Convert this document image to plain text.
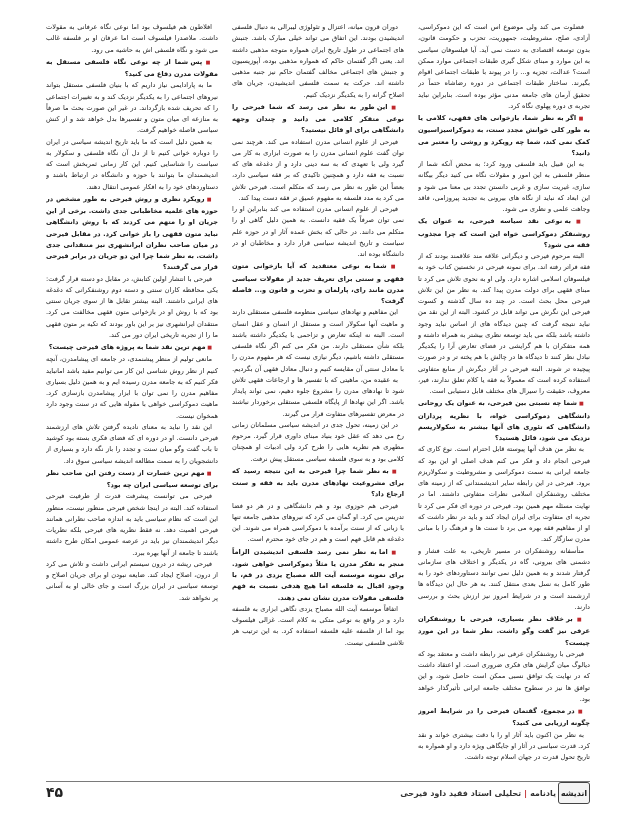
فضلوت می کند ولی موضوع اس است که این دموکراسی، آزادی، صلح، مشروطیت، جمهوریت، تحزب و حکومت قانون، بدون توسعه اقتصادی به دست نمی آید. آیا فیلسوفان سیاسی به این موارد و مبنای شکل گیری طبقات اجتماعی موارد ممکن است؟ عدالت، تجزیه و... را در پیوند با طبقات اجتماعی اقوام بگیرند. ساختار طبقات اجتماعی در دوره رضاشاه حتماً در تحقیق آرمان های جامعه مدنی مؤثر بوده است. بنابراین نباید تجربه ی دوره پهلوی نگاه کرد.

■ اگر به نظر شما، بازخوانی های فقهی، کلامی یا به طور کلی خوانش مجدد سنت، به دموکراسیزاسیون کمک نمی کند، شما چه رویکرد و روشی را معتبر می دانید؟

به این قبیل باید فلسفی ورود کرد؛ به محض آنکه شما از منظر فلسفی به این امور و مقولات نگاه می کنید دیگر بیگانه سازی، غیریت سازی و غربی دانستن تجدد بی معنا می شود و این ابعاد که نباید از نگاه های بیرونی به تجدید پیروزامی، فاقد وجاهت علمی و نظری می شود.

■ به نوعی نقد سیاسه فیرحی، به عنوان یک روشنفکر دموکراسی خواه این است که چرا مجذوب فقه می شود؟

البته مرحوم فیرحی و دیگرانی علاقه مند علاقمند بودند که از فقه فراتر رفته اند. برای نمونه فیرحی در نخستین کتاب خود به فیلسوفان اسلامی اشاره دارد. ولی او به نحوی تلاش می کرد تا مبنای فقهی برای دولت مدرن پیدا کند. به نظر من این تلاش فیرحی محل بحث است. در چند ده سال گذشته و کسوت فیرحی این نگرش می تواند قابل در کشود. البته از این نقد من نباید نتیجه گرفت که چنین دیدگاه های از اساس نباید وجود داشته باشد بلکه می باید توسعه نظری بیشتر به همراه داشته و همه متفکران با هم گرایشی در فضای تعارض آرا را یکدیگر نبادل نظر کنند تا دیدگاه ها در چالش با هم پخته تر و در صورت پیچیده تر شوند. البته فیرحی در آثار دیگرش از منابع متفاوتی استفاده کرده است که معمولاً به فقه یا کلام تعلق ندارند، فیر، معروف، حقیقت را سیرال های مختلف قابل دستیابی است.

■ شما چه نسبتی بین فیرحی، به عنوان یک روحانی دانشگاهی دموکراسی خواه، با نظریه پردازان دانشگاهی که تئوری های آنها بیشتر به سکولاریسم نزدیک می شود، قائل هستید؟

به نظر من هدف آنها پیوسته قابل احترام است. نوع کاری که فیرحی انجام داد و فکر می کنم هدف اصلی او این بود که جامعه ایرانی به سمت دموکراسی و مشروطیت و سکولاریزم برود. فیرحی در این رابطه سایر اندیشمندانی که از زمینه های مختلف روشنفکران اسلامی نظرات متفاوتی داشتند. اما در نهایت مسئله مهم همین بود. فیرحی در دوره ای فکر می کرد تا تجربه ای متفاوت برای ایران ایجاد کند و باید در نظر داشت که او از مفاهیم فقه بهره می برد تا سنت ها و فرهنگ را با مبانی مدرن سازگار کند.

متأسفانه روشنفکران در مسیر تاریخی، به علت فشار و دشمنی های بیرونی، گاه در یکدیگر و اختلاف های سازمانی گرفتار شدند و به همین دلیل نمی توانند دستاوردهای خود را به طور کامل به نسل بعدی منتقل کنند. به هر حال این دیدگاه ها ارزشمند است و در شرایط امروز نیز ارزش بحث و بررسی دارند.

■ بر خلاف نظر بسیاری، فیرحی با روشنفکران عرفی نیز گفت وگو داشت. نظر شما در این مورد چیست؟

فیرحی با روشنفکران عرفی نیز رابطه داشت و معتقد بود که دیالوگ میان گرایش های فکری ضروری است. او اعتقاد داشت که در نهایت یک توافق نسبی ممکن است حاصل شود، و این توافق ها نیز در سطوح مختلف جامعه ایرانی تأثیرگذار خواهد بود.

■ در مجموع، گفتمان فیرحی را در شرایط امروز چگونه ارزیابی می کنید؟

به نظر من اکنون باید آثار او را با دقت بیشتری خواند و نقد کرد. قدرت سیاسی در آثار او جایگاهی ویژه دارد و او همواره به تاریخ تحول قدرت در جهان اسلام توجه داشت.

دوران قرون میانه، اعتزال و تئولوژی لیبرالی به دنبال فلسفی اندیشیدن بودند. این اتفاق می تواند خیلی مبارک باشد. جنبش های اجتماعی در طول تاریخ ایران همواره متوجه مذهبی داشته اند. یعنی اگر گفتمان حاکم که همواره مذهبی بوده، آپوزیسیون و جنبش های اجتماعی مخالف گفتمان حاکم نیز جنبه مذهبی داشته اند. حرکت به سمت فلسفی اندیشیدن، جریان های اصلاح گرانه را به یکدیگر نزدیک کنیم.

■ این طور به نظر می رسد که شما فیرحی را نوعی متفکر کلامی می دانید و چندان وجهه دانشگاهی برای او قائل نیستید؟

فیرحی از علوم انسانی مدرن استفاده می کند. هرچند نمی توان گفت علوم انسانی مدرن را به صورت ابزاری به کار می گیرد ولی با تعهدی که به سه دینی دارد و از دغدغه های که نسبت به فقه دارد و همچنین تاکیدی که بر فقه سیاسی دارد، بعضاً این طور به نظر می رسد که متکلم است. فیرحی تلاش می کرد به مدد فلسفه به مفهوم عمیق تر فقه دست پیدا کند.

فیرحی از علوم انسانی مدرن استفاده می کند بنابراین او را نمی توان صرفاً یک فقیه دانست. به همین دلیل گاهی او را متکلم می دانند. در حالی که بخش عمده آثار او در حوزه علم سیاست و تاریخ اندیشه سیاسی قرار دارد و مخاطبان او در دانشگاه بوده اند.

■ شما به نوعی معتقدید که آیا بازخوانی متون فقهی و سنتی برای تعریف جدید از مقولات سیاسی مدرن مانند رای، پارلمان و تحزب و قانون و... فاصله گرفت؟

این مفاهیم و نهادهای سیاسی منظومه فلسفی مستقلی دارند و ماهیت آنها سکولار است و مستقل از انسان و عقل انسان است. البته نه اینکه تعارض و تزاحمی با یکدیگر داشته باشند بلکه شأن مستقلی دارند. من فکر می کنم اگر نگاه فلسفی مستقلی داشته باشیم، دیگر نیازی نیست که هر مفهوم مدرن را با معادل سنتی آن مقایسه کنیم و دنبال معادل فقهی آن بگردیم.

به عقیده من، ماهیتی که با تفسیر ها و ارجاعات فقهی تلاش شود تا نهادهای مدرن را مشروع جلوه دهیم، نمی تواند پایدار باشد. اگر این نهادها از پایگاه فلسفی مستقلی برخوردار نباشند در معرض تفسیرهای متفاوت قرار می گیرند.

در این زمینه، تحول جدی در اندیشه سیاسی مسلمانان زمانی رخ می دهد که عقل خود بنیاد مبنای داوری قرار گیرد. مرحوم مطهری هم نظریه هایی را طرح کرد ولی ادبیات او همچنان کلامی بود و به سوی فلسفه سیاسی مستقل پیش نرفت.

■ به نظر شما چرا فیرحی به این نتیجه رسید که برای مشروعیت نهادهای مدرن باید به فقه و سنت ارجاع داد؟

فیرحی هم حوزوی بود و هم دانشگاهی و در هر دو فضا تدریس می کرد. او گمان می کرد که نیروهای مذهبی جامعه تنها با زبانی که از سنت برآمده با دموکراسی همراه می شوند. این دغدغه هم قابل فهم است و هم در جای خود محترم است.

■ اما به نظر نمی رسد فلسفی اندیشیدن الزاماً منجر به نفکر مدرن یا مثلاً دموکراسی خواهی شود. برای نمونه موسسه آیت الله مصباح یزدی در قم، با وجود اقبال به فلسفه اما هیچ هدفی نسبت به فهم فلسفی مقولات مدرن نشان نمی دهند.

اتفاقاً موسسه آیت الله مصباح یزدی نگاهی ابزاری به فلسفه دارد و در واقع به نوعی متکی به کلام است. غزالی فیلسوف بود اما از فلسفه علیه فلسفه استفاده کرد. به این ترتیب هر تلاشی فلسفی نیست.

افلاطون هم فیلسوف بود اما نوعی نگاه عرفانی به مقولات داشت. ملاصدرا فیلسوف است اما عرفان او بر فلسفه غالب می شود و نگاه فلسفی اش به حاشیه می رود.

■ پس شما از چه نوعی نگاه فلسفی مستقل به مقولات مدرن دفاع می کنید؟

ما به پارادایمی نیاز داریم که با بنیان فلسفی مستقل بتواند نیروهای اجتماعی را به یکدیگر نزدیک کند و به تغییرات اجتماعی را که تحریف شده بازگرداند. در غیر این صورت بحث ما صرفاً به منازعه ای میان متون و تفسیرها بدل خواهد شد و از کنش سیاسی فاصله خواهیم گرفت.

به همین دلیل است که ما باید تاریخ اندیشه سیاسی در ایران را دوباره خوانی کنیم تا از دل آن نگاه فلسفی و سکولار به سیاست را شناسایی کنیم. این کار زمانی ثمربخش است که اندیشمندان ما بتوانند با حوزه و دانشگاه در ارتباط باشند و دستاوردهای خود را به افکار عمومی انتقال دهند.

■ رویکرد نظری و روش فیرحی به طور مشخص در حوزه های علمیه مخاطبانی جدی داشت. برخی از این جریان او را متهم می کردند که با روش دانشگاهی نباید متون فقهی را باز خوانی کرد. در مقابل فیرحی در میان صاحب نظران ایرانشهری نیز منتقدانی جدی داشت. به نظر شما چرا این دو جریان در برابر فیرحی قرار می گرفتند؟

فیرحی با انتشار اولین کتابش، در مقابل دو دسته قرار گرفت: یکی محافظه کاران سنتی و دسته دوم روشنفکرانی که دغدغه های ایرانی داشتند. البته بیشتر تقابل ها از سوی جریان سنتی بود که با روش او در بازخوانی متون فقهی مخالفت می کرد. منتقدان ایرانشهری نیز بر این باور بودند که تکیه بر متون فقهی ما را از تجربه تاریخی ایران دور می کند.

■ مهم ترین نقد شما به پروژه های فیرحی چیست؟

مانعی تولیم از منظر پیشنمدی، در جامعه ای پیشامدرن، آنچه کنیم از نظر روش شناسی این کار می توانیم مفید باشد امانباید فکر کنیم که به جامعه مدرن رسیده ایم و به همین دلیل بسیاری مفاهیم مدرن را نمی توان با ابزار پیشامدرن بازسازی کرد. ماهیت دموکراسی خواهی با مقوله هایی که در سنت وجود دارد همخوان نیست.

این نقد را نباید به معنای نادیده گرفتن تلاش های ارزشمند فیرحی دانست. او در دوره ای که فضای فکری بسته بود کوشید تا باب گفت وگو میان سنت و تجدد را باز نگه دارد و بسیاری از دانشجویان را به سمت مطالعه اندیشه سیاسی سوق داد.

■ مهم ترین خسارت از دست رفتن این صاحب نظر برای توسعه سیاسی ایران چه بود؟

فیرحی می توانست پیشرفت قدرت از طرفیت فیرحی استفاده کند. البته در اینجا شخص فیرحی منظور نیست، منظور این است که نظام سیاسی باید به اندازه صاحب نظرانی همانند فیرحی اهمیت دهد. نه فقط نظریه های فیرحی بلکه نظریات دیگر اندیشمندان نیز باید در عرصه عمومی امکان طرح داشته باشند تا جامعه از آنها بهره ببرد.

فیرحی ریشه در درون سیستم ایرانی داشت و تلاش می کرد از درون، اصلاح ایجاد کند. ضایعه نبودن او برای جریان اصلاح و توسعه سیاسی در ایران بزرگ است و جای خالی او به آسانی پر نخواهد شد.

۴۵	یادنامه|تحلیلی استاد فقید داود فیرحی	اندیشه
